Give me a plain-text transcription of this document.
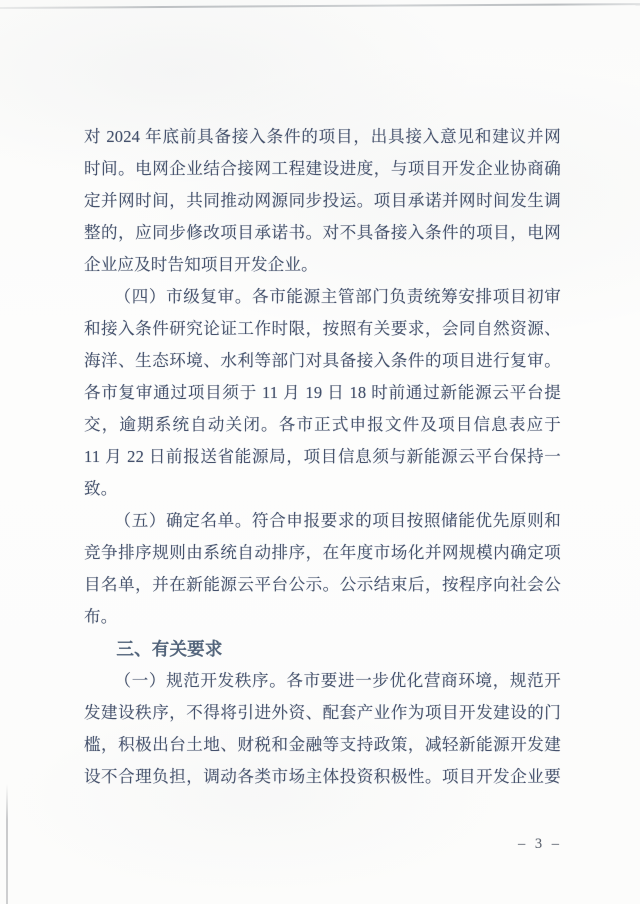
对 2024 年底前具备接入条件的项目，出具接入意见和建议并网
时间。电网企业结合接网工程建设进度，与项目开发企业协商确
定并网时间，共同推动网源同步投运。项目承诺并网时间发生调
整的，应同步修改项目承诺书。对不具备接入条件的项目，电网
企业应及时告知项目开发企业。
（四）市级复审。各市能源主管部门负责统筹安排项目初审
和接入条件研究论证工作时限，按照有关要求，会同自然资源、
海洋、生态环境、水利等部门对具备接入条件的项目进行复审。
各市复审通过项目须于 11 月 19 日 18 时前通过新能源云平台提
交，逾期系统自动关闭。各市正式申报文件及项目信息表应于
11 月 22 日前报送省能源局，项目信息须与新能源云平台保持一
致。
（五）确定名单。符合申报要求的项目按照储能优先原则和
竞争排序规则由系统自动排序，在年度市场化并网规模内确定项
目名单，并在新能源云平台公示。公示结束后，按程序向社会公
布。
三、有关要求
（一）规范开发秩序。各市要进一步优化营商环境，规范开
发建设秩序，不得将引进外资、配套产业作为项目开发建设的门
槛，积极出台土地、财税和金融等支持政策，减轻新能源开发建
设不合理负担，调动各类市场主体投资积极性。项目开发企业要
– 3 –
